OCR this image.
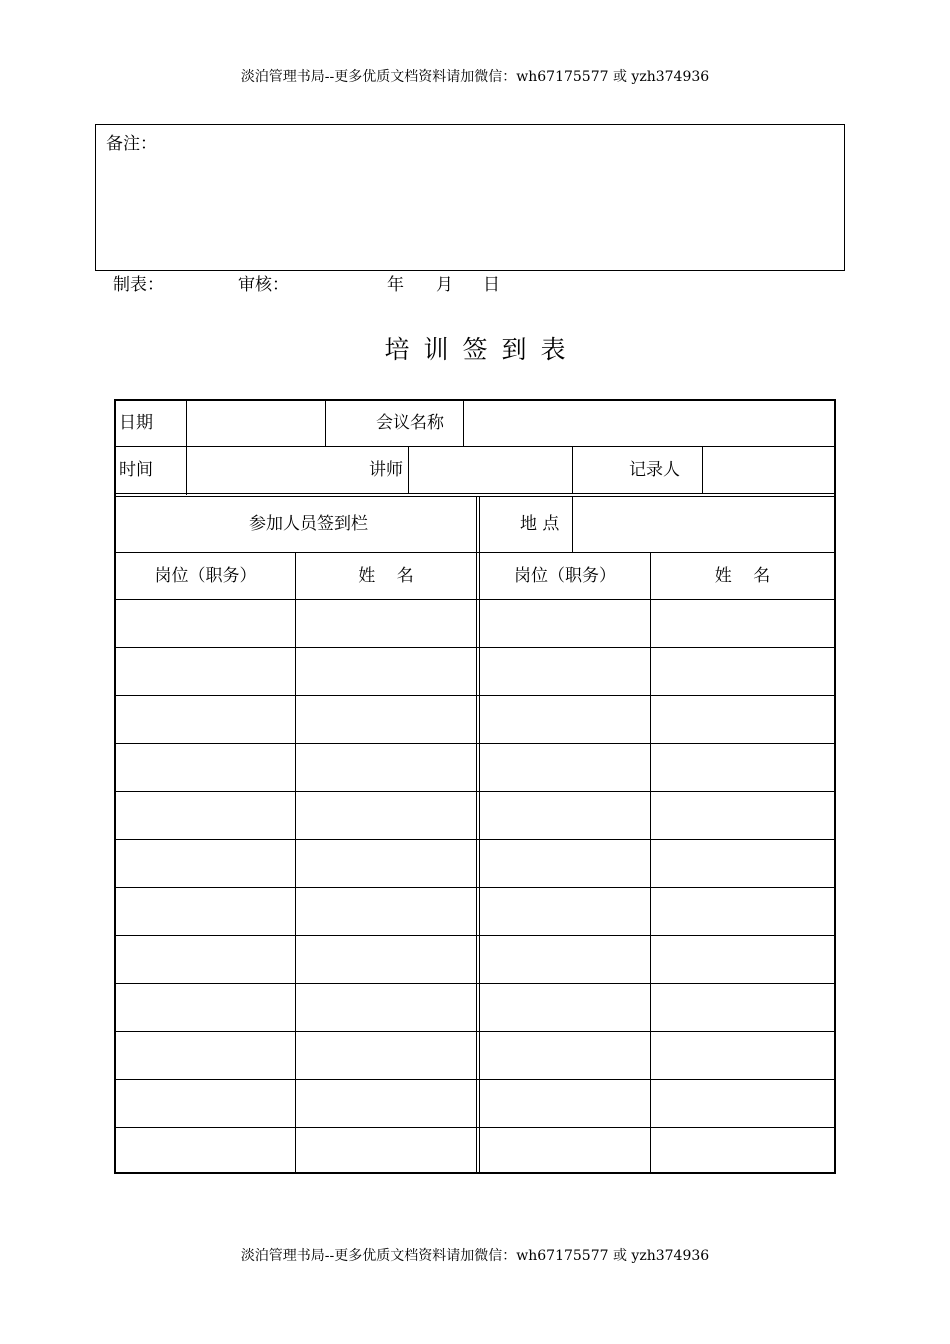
淡泊管理书局--更多优质文档资料请加微信：wh67175577 或 yzh374936
备注：
制表：	审核：	年 月 日
培训签到表
日期	会议名称
时间	讲师	记录人
参加人员签到栏	地 点
岗位（职务）	姓    名	岗位（职务）	姓    名
淡泊管理书局--更多优质文档资料请加微信：wh67175577 或 yzh374936
